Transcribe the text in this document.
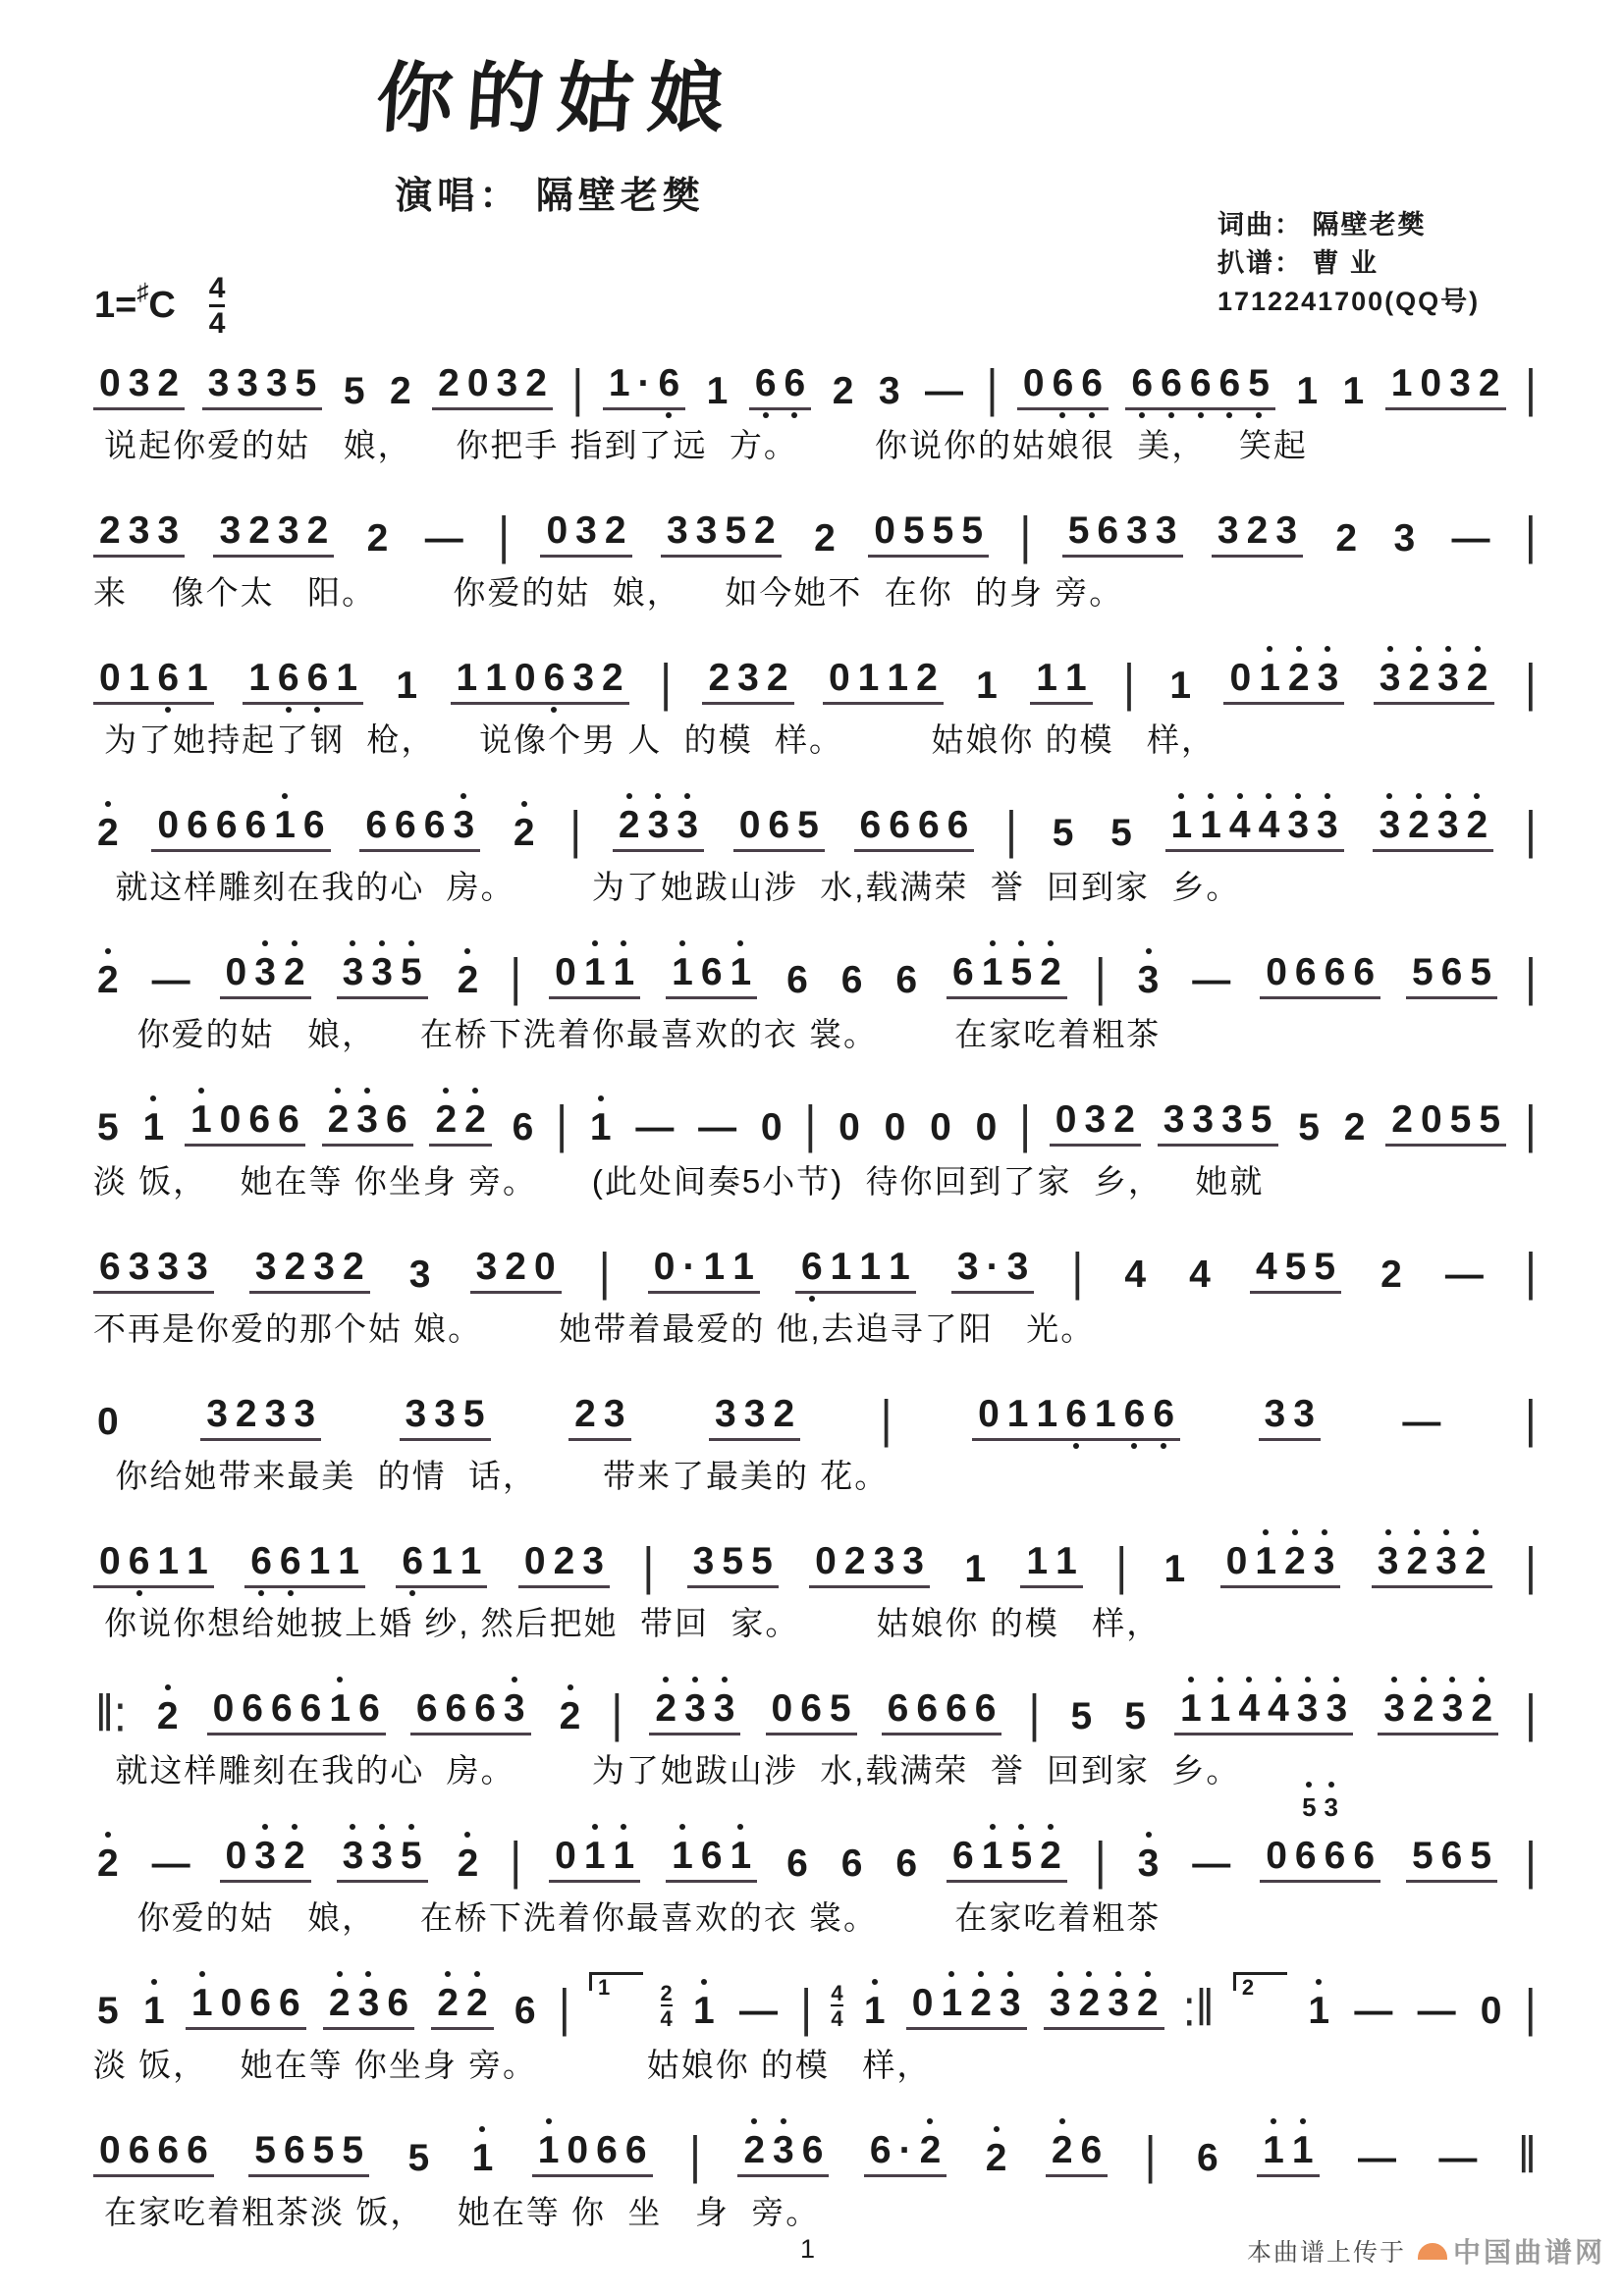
你的姑娘
演唱： 隔壁老樊
词曲： 隔壁老樊
扒谱： 曹 业
1712241700(QQ号)
1= ♯ C 4
4
0 3 2 3 3 3 5 5 2 2 0 3 2 | 1 · 6 1 6 6 2 3 — | 0 6 6 6 6 6 6 5 1 1 1 0 3 2 |
说起你爱的姑   娘，    你把手 指到了远  方。       你说你的姑娘很  美，   笑起
2 3 3 3 2 3 2 2 — | 0 3 2 3 3 5 2 2 0 5 5 5 | 5 6 3 3 3 2 3 2 3 — |
来    像个太   阳。       你爱的姑  娘，    如今她不  在你  的身 旁。
0 1 6 1 1 6 6 1 1 1 1 0 6 3 2 | 2 3 2 0 1 1 2 1 1 1 | 1 0 1 2 3 3 2 3 2 |
为了她持起了钢  枪，    说像个男 人  的模  样。        姑娘你 的模   样，
2 0 6 6 6 1 6 6 6 6 3 2 | 2 3 3 0 6 5 6 6 6 6 | 5 5 1 1 4 4 3 3 3 2 3 2 |
就这样雕刻在我的心  房。       为了她跋山涉  水,载满荣  誉  回到家  乡。
2 — 0 3 2 3 3 5 2 | 0 1 1 1 6 1 6 6 6 6 1 5 2 | 3 — 0 6 6 6 5 6 5 |
你爱的姑   娘，    在桥下洗着你最喜欢的衣 裳。       在家吃着粗茶
5 1 1 0 6 6 2 3 6 2 2 6 | 1 — — 0 | 0 0 0 0 | 0 3 2 3 3 3 5 5 2 2 0 5 5 |
淡 饭，   她在等 你坐身 旁。     (此处间奏5小节)  待你回到了家  乡，   她就
6 3 3 3 3 2 3 2 3 3 2 0 | 0 · 1 1 6 1 1 1 3 · 3 | 4 4 4 5 5 2 — |
不再是你爱的那个姑 娘。       她带着最爱的 他,去追寻了阳   光。
0 3 2 3 3 3 3 5 2 3 3 3 2 | 0 1 1 6 1 6 6 3 3 — |
你给她带来最美  的情  话，      带来了最美的 花。
0 6 1 1 6 6 1 1 6 1 1 0 2 3 | 3 5 5 0 2 3 3 1 1 1 | 1 0 1 2 3 3 2 3 2 |
你说你想给她披上婚 纱, 然后把她  带回  家。       姑娘你 的模   样，
‖: 2 0 6 6 6 1 6 6 6 6 3 2 | 2 3 3 0 6 5 6 6 6 6 | 5 5 1 1 4 4 3 3 3 2 3 2 |
就这样雕刻在我的心  房。       为了她跋山涉  水,载满荣  誉  回到家  乡。
5 3
2 — 0 3 2 3 3 5 2 | 0 1 1 1 6 1 6 6 6 6 1 5 2 | 3 — 0 6 6 6 5 6 5 |
你爱的姑   娘，    在桥下洗着你最喜欢的衣 裳。       在家吃着粗茶
5 1 1 0 6 6 2 3 6 2 2 6 |	1	2
4 1 — | 4
4 1 0 1 2 3 3 2 3 2 :‖	2
1 — — 0 |
淡 饭，   她在等 你坐身 旁。          姑娘你 的模   样，
0 6 6 6 5 6 5 5 5 1 1 0 6 6 | 2 3 6 6 · 2 2 2 6 | 6 1 1 — — ‖
在家吃着粗茶淡 饭，   她在等 你  坐   身  旁。
1	本曲谱上传于 中国曲谱网
